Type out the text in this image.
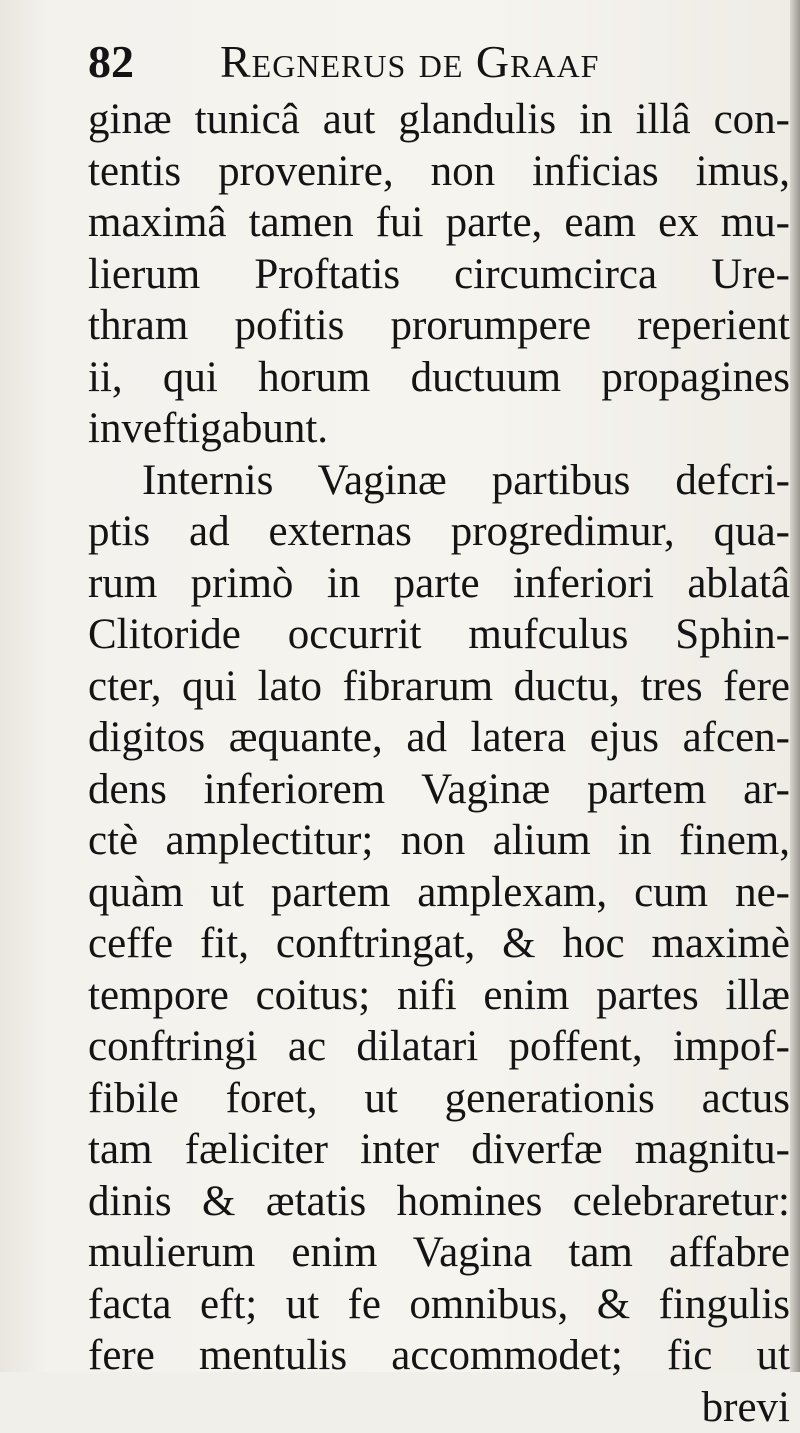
82 Regnerus de Graaf
ginæ tunicâ aut glandulis in illâ con-
tentis provenire, non inficias imus,
maximâ tamen fui parte, eam ex mu-
lierum Proftatis circumcirca Ure-
thram pofitis prorumpere reperient
ii, qui horum ductuum propagines
inveftigabunt.
Internis Vaginæ partibus defcri-
ptis ad externas progredimur, qua-
rum primò in parte inferiori ablatâ
Clitoride occurrit mufculus Sphin-
cter, qui lato fibrarum ductu, tres fere
digitos æquante, ad latera ejus afcen-
dens inferiorem Vaginæ partem ar-
ctè amplectitur; non alium in finem,
quàm ut partem amplexam, cum ne-
ceffe fit, conftringat, & hoc maximè
tempore coitus; nifi enim partes illæ
conftringi ac dilatari poffent, impof-
fibile foret, ut generationis actus
tam fæliciter inter diverfæ magnitu-
dinis & ætatis homines celebraretur:
mulierum enim Vagina tam affabre
facta eft; ut fe omnibus, & fingulis
fere mentulis accommodet; fic ut
brevi
